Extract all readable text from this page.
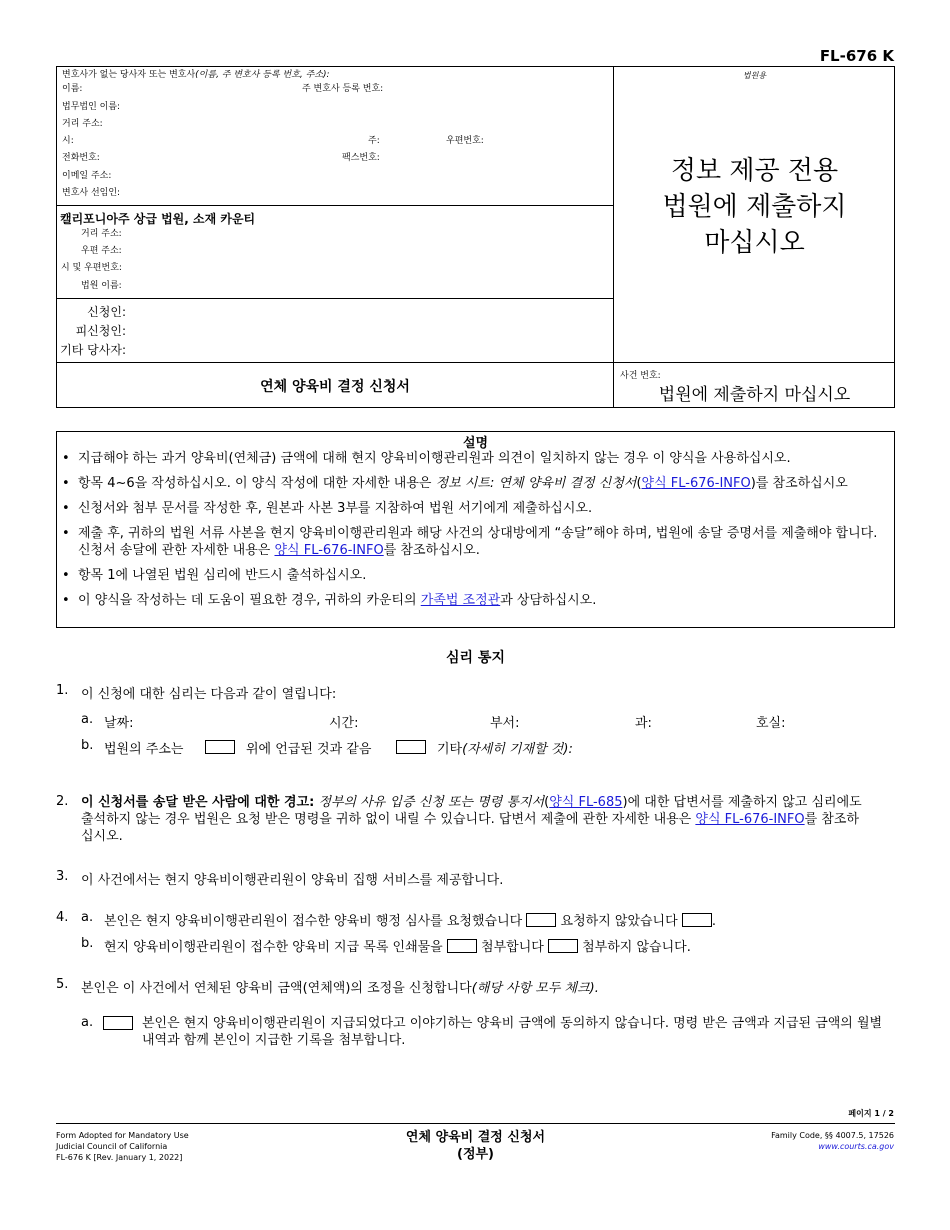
FL-676 K
변호사가 없는 당사자 또는 변호사(이름, 주 변호사 등록 번호, 주소):
이름:	주 변호사 등록 번호:
법무법인 이름:
거리 주소:
시:	주:	우편번호:
전화번호:	팩스번호:
이메일 주소:
변호사 선임인:
캘리포니아주 상급 법원, 소재 카운티
거리 주소:
우편 주소:
시 및 우편번호:
법원 이름:
신청인:
피신청인:
기타 당사자:
연체 양육비 결정 신청서
법원용
정보 제공 전용
법원에 제출하지
마십시오
사건 번호:
법원에 제출하지 마십시오
설명
• 지급해야 하는 과거 양육비(연체금) 금액에 대해 현지 양육비이행관리원과 의견이 일치하지 않는 경우 이 양식을 사용하십시오.
• 항목 4~6을 작성하십시오. 이 양식 작성에 대한 자세한 내용은 정보 시트: 연체 양육비 결정 신청서(양식 FL-676-INFO)를 참조하십시오
• 신청서와 첨부 문서를 작성한 후, 원본과 사본 3부를 지참하여 법원 서기에게 제출하십시오.
• 제출 후, 귀하의 법원 서류 사본을 현지 양육비이행관리원과 해당 사건의 상대방에게 “송달”해야 하며, 법원에 송달 증명서를 제출해야 합니다. 신청서 송달에 관한 자세한 내용은 양식 FL-676-INFO를 참조하십시오.
• 항목 1에 나열된 법원 심리에 반드시 출석하십시오.
• 이 양식을 작성하는 데 도움이 필요한 경우, 귀하의 카운티의 가족법 조정관과 상담하십시오.
심리 통지
1. 이 신청에 대한 심리는 다음과 같이 열립니다:
a. 날짜:	시간:	부서:	과:	호실:
b. 법원의 주소는	위에 언급된 것과 같음	기타(자세히 기재할 것):
2. 이 신청서를 송달 받은 사람에 대한 경고: 정부의 사유 입증 신청 또는 명령 통지서(양식 FL-685)에 대한 답변서를 제출하지 않고 심리에도 출석하지 않는 경우 법원은 요청 받은 명령을 귀하 없이 내릴 수 있습니다. 답변서 제출에 관한 자세한 내용은 양식 FL-676-INFO를 참조하십시오.
3. 이 사건에서는 현지 양육비이행관리원이 양육비 집행 서비스를 제공합니다.
4. a. 본인은 현지 양육비이행관리원이 접수한 양육비 행정 심사를 요청했습니다	요청하지 않았습니다	.
b. 현지 양육비이행관리원이 접수한 양육비 지급 목록 인쇄물을	첨부합니다	첨부하지 않습니다.
5. 본인은 이 사건에서 연체된 양육비 금액(연체액)의 조정을 신청합니다(해당 사항 모두 체크).
a.	본인은 현지 양육비이행관리원이 지급되었다고 이야기하는 양육비 금액에 동의하지 않습니다. 명령 받은 금액과 지급된 금액의 월별 내역과 함께 본인이 지급한 기록을 첨부합니다.
페이지 1 / 2
Form Adopted for Mandatory Use
Judicial Council of California
FL-676 K [Rev. January 1, 2022]
연체 양육비 결정 신청서
(정부)
Family Code, §§ 4007.5, 17526
www.courts.ca.gov
